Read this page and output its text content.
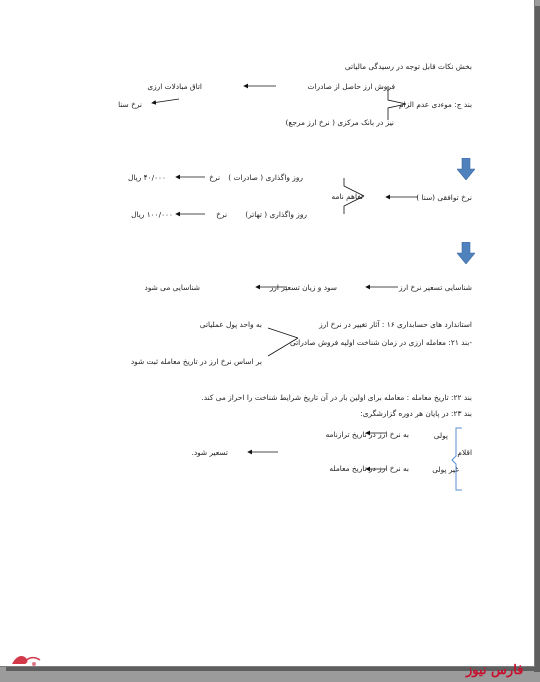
بخش نکات قابل توجه در رسیدگی مالیاتی
بند ج: موءدی عدم الزام
فروش ارز حاصل از صادرات
اتاق مبادلات ارزی
نرخ سنا
نیز در بانک مرکزی ( نرخ ارز مرجع)
نرخ توافقی (سنا )
تفاهم نامه
روز واگذاری ( صادرات )
نرخ
۴۰/۰۰۰ ریال
روز واگذاری ( تهاتر)
نرخ
۱۰۰/۰۰۰ ریال
شناسایی تسعیر نرخ ارز
سود و زیان تسعیر ارز
شناسایی می شود
استاندارد های حسابداری ۱۶ : آثار تغییر در نرخ ارز
-بند ۲۱: معامله ارزی در زمان شناخت اولیه فروش صادراتی
به واحد پول عملیاتی
بر اساس نرخ ارز در تاریخ معامله ثبت شود
بند ۲۲: تاریخ معامله : معامله برای اولین بار در آن تاریخ شرایط شناخت را احراز می کند.
بند ۲۳: در پایان هر دوره گزارشگری:
اقلام
پولی
به نرخ ارز در تاریخ ترازنامه
تسعیر شود.
غیر پولی
به نرخ ارز در تاریخ معامله
فارس نیوز
